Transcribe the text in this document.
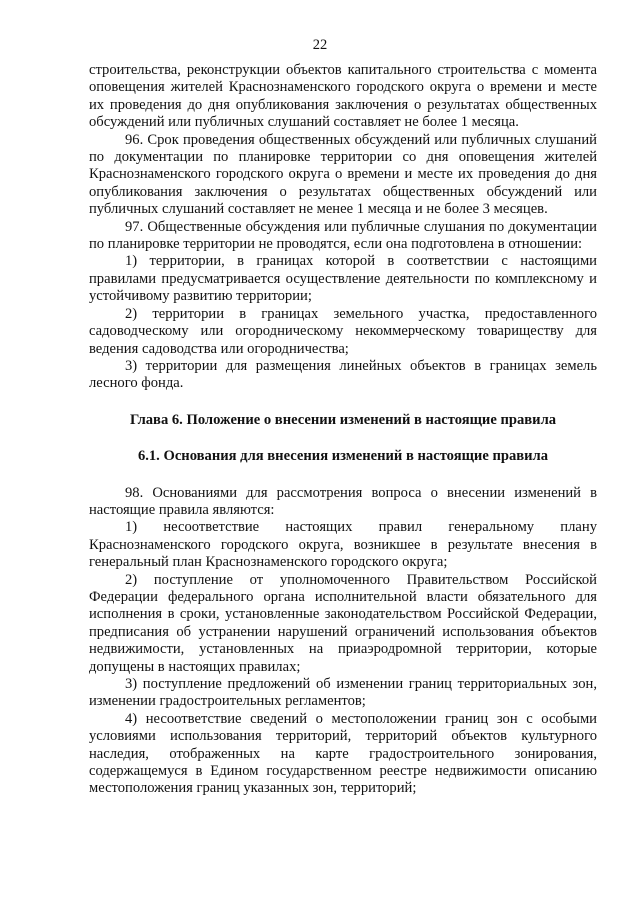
22

строительства, реконструкции объектов капитального строительства с момента оповещения жителей Краснознаменского городского округа о времени и месте их проведения до дня опубликования заключения о результатах общественных обсуждений или публичных слушаний составляет не более 1 месяца.

96. Срок проведения общественных обсуждений или публичных слушаний по документации по планировке территории со дня оповещения жителей Краснознаменского городского округа о времени и месте их проведения до дня опубликования заключения о результатах общественных обсуждений или публичных слушаний составляет не менее 1 месяца и не более 3 месяцев.

97. Общественные обсуждения или публичные слушания по документации по планировке территории не проводятся, если она подготовлена в отношении:

1) территории, в границах которой в соответствии с настоящими правилами предусматривается осуществление деятельности по комплексному и устойчивому развитию территории;

2) территории в границах земельного участка, предоставленного садоводческому или огородническому некоммерческому товариществу для ведения садоводства или огородничества;

3) территории для размещения линейных объектов в границах земель лесного фонда.

Глава 6. Положение о внесении изменений в настоящие правила

6.1. Основания для внесения изменений в настоящие правила

98. Основаниями для рассмотрения вопроса о внесении изменений в настоящие правила являются:

1) несоответствие настоящих правил генеральному плану Краснознаменского городского округа, возникшее в результате внесения в генеральный план Краснознаменского городского округа;

2) поступление от уполномоченного Правительством Российской Федерации федерального органа исполнительной власти обязательного для исполнения в сроки, установленные законодательством Российской Федерации, предписания об устранении нарушений ограничений использования объектов недвижимости, установленных на приаэродромной территории, которые допущены в настоящих правилах;

3) поступление предложений об изменении границ территориальных зон, изменении градостроительных регламентов;

4) несоответствие сведений о местоположении границ зон с особыми условиями использования территорий, территорий объектов культурного наследия, отображенных на карте градостроительного зонирования, содержащемуся в Едином государственном реестре недвижимости описанию местоположения границ указанных зон, территорий;
